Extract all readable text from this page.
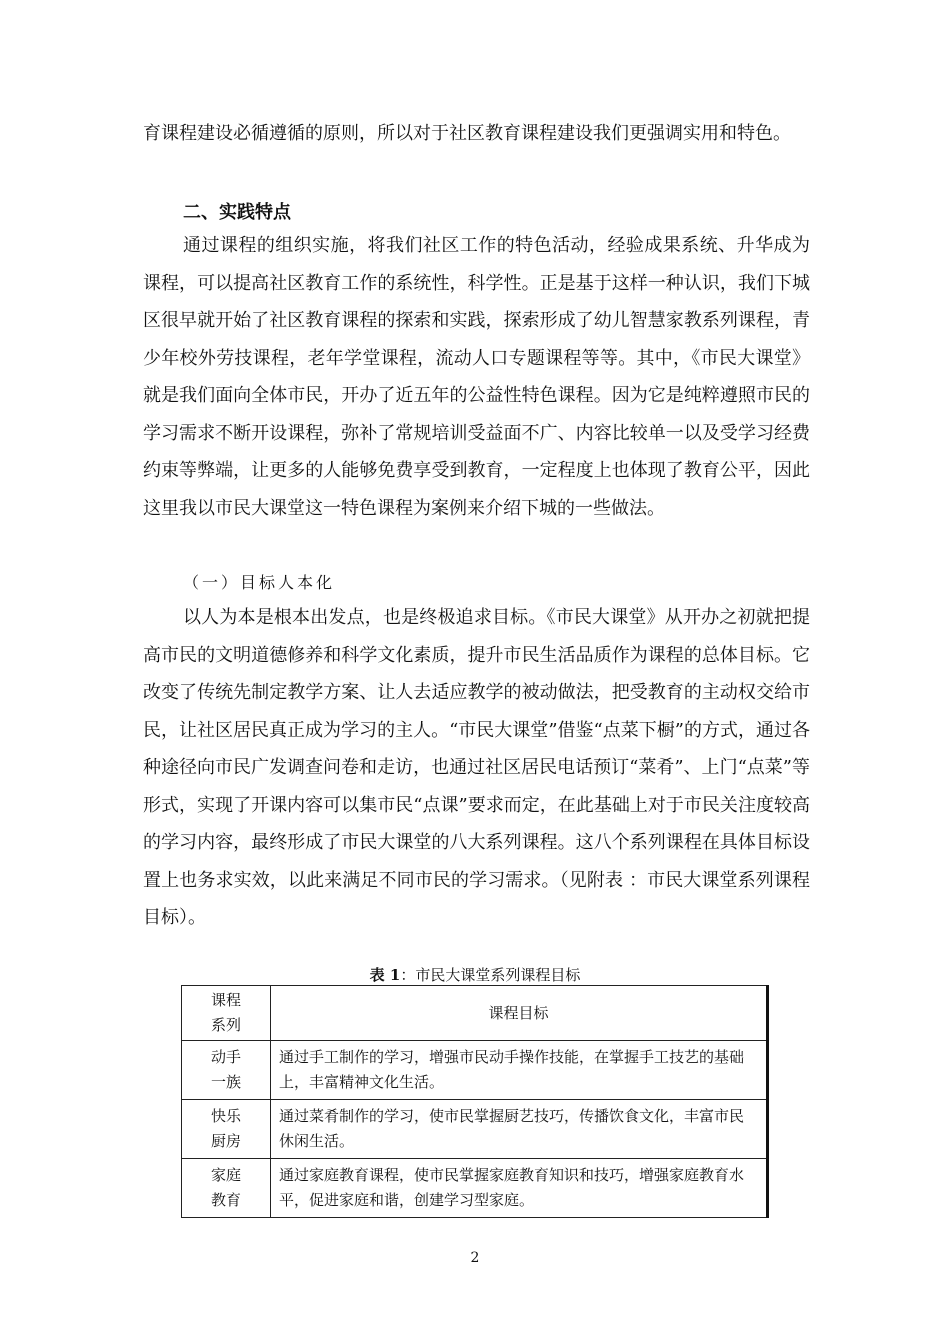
育课程建设必循遵循的原则，所以对于社区教育课程建设我们更强调实用和特色。

二、实践特点

通过课程的组织实施，将我们社区工作的特色活动，经验成果系统、升华成为课程，可以提高社区教育工作的系统性，科学性。正是基于这样一种认识，我们下城区很早就开始了社区教育课程的探索和实践，探索形成了幼儿智慧家教系列课程，青少年校外劳技课程，老年学堂课程，流动人口专题课程等等。其中，《市民大课堂》就是我们面向全体市民，开办了近五年的公益性特色课程。因为它是纯粹遵照市民的学习需求不断开设课程，弥补了常规培训受益面不广、内容比较单一以及受学习经费约束等弊端，让更多的人能够免费享受到教育，一定程度上也体现了教育公平，因此这里我以市民大课堂这一特色课程为案例来介绍下城的一些做法。

（一）目标人本化

以人为本是根本出发点，也是终极追求目标。《市民大课堂》从开办之初就把提高市民的文明道德修养和科学文化素质，提升市民生活品质作为课程的总体目标。它改变了传统先制定教学方案、让人去适应教学的被动做法，把受教育的主动权交给市民，让社区居民真正成为学习的主人。“市民大课堂”借鉴“点菜下橱”的方式，通过各种途径向市民广发调查问卷和走访，也通过社区居民电话预订“菜肴”、上门“点菜”等形式，实现了开课内容可以集市民“点课”要求而定，在此基础上对于市民关注度较高的学习内容，最终形成了市民大课堂的八大系列课程。这八个系列课程在具体目标设置上也务求实效，以此来满足不同市民的学习需求。（见附表 ：市民大课堂系列课程目标）。

表 1：市民大课堂系列课程目标

课程
系列	课程目标
动手
一族	通过手工制作的学习，增强市民动手操作技能，在掌握手工技艺的基础上，丰富精神文化生活。
快乐
厨房	通过菜肴制作的学习，使市民掌握厨艺技巧，传播饮食文化，丰富市民休闲生活。
家庭
教育	通过家庭教育课程，使市民掌握家庭教育知识和技巧，增强家庭教育水平，促进家庭和谐，创建学习型家庭。

2
